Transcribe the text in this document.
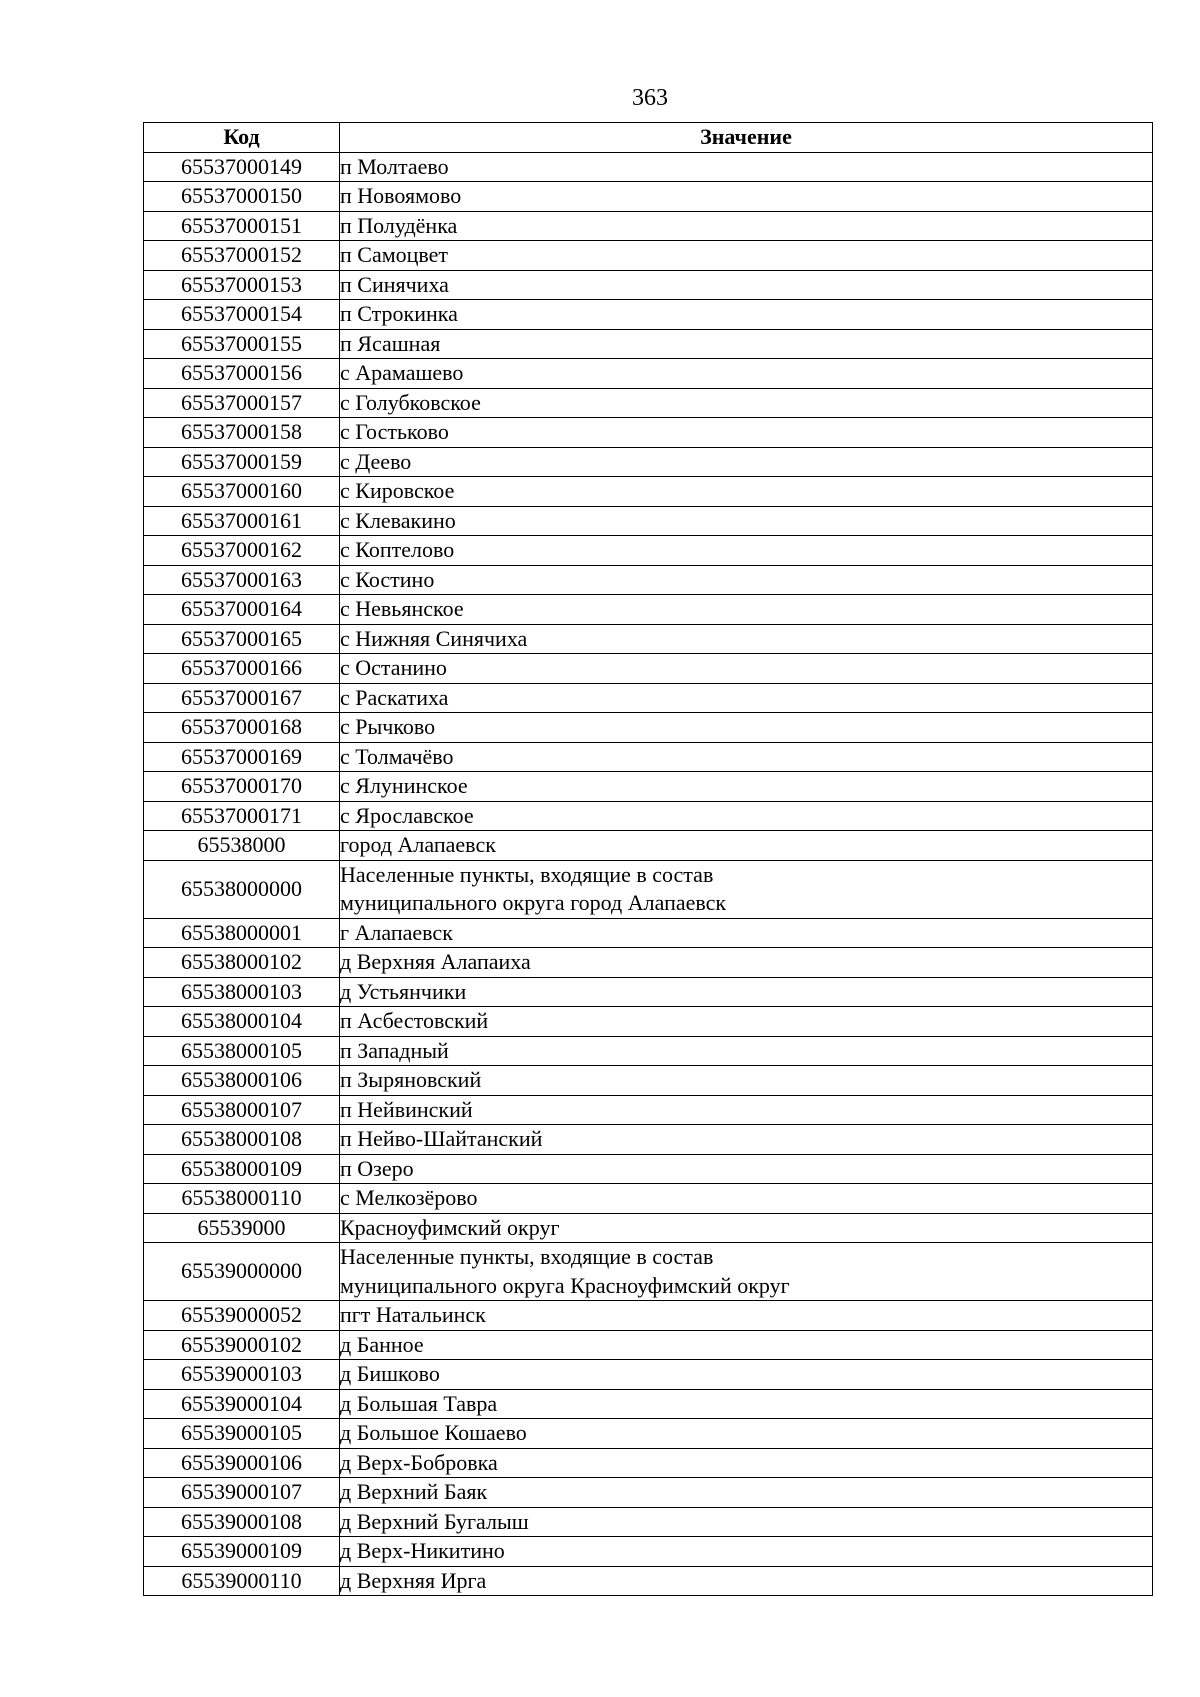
363
Код	Значение
65537000149	п Молтаево
65537000150	п Новоямово
65537000151	п Полудёнка
65537000152	п Самоцвет
65537000153	п Синячиха
65537000154	п Строкинка
65537000155	п Ясашная
65537000156	с Арамашево
65537000157	с Голубковское
65537000158	с Гостьково
65537000159	с Деево
65537000160	с Кировское
65537000161	с Клевакино
65537000162	с Коптелово
65537000163	с Костино
65537000164	с Невьянское
65537000165	с Нижняя Синячиха
65537000166	с Останино
65537000167	с Раскатиха
65537000168	с Рычково
65537000169	с Толмачёво
65537000170	с Ялунинское
65537000171	с Ярославское
65538000	город Алапаевск
65538000000	Населенные пункты, входящие в состав муниципального округа город Алапаевск

65538000001	г Алапаевск
65538000102	д Верхняя Алапаиха
65538000103	д Устьянчики
65538000104	п Асбестовский
65538000105	п Западный
65538000106	п Зыряновский
65538000107	п Нейвинский
65538000108	п Нейво-Шайтанский
65538000109	п Озеро
65538000110	с Мелкозёрово
65539000	Красноуфимский округ
65539000000	Населенные пункты, входящие в состав муниципального округа Красноуфимский округ

65539000052	пгт Натальинск
65539000102	д Банное
65539000103	д Бишково
65539000104	д Большая Тавра
65539000105	д Большое Кошаево
65539000106	д Верх-Бобровка
65539000107	д Верхний Баяк
65539000108	д Верхний Бугалыш
65539000109	д Верх-Никитино
65539000110	д Верхняя Ирга
